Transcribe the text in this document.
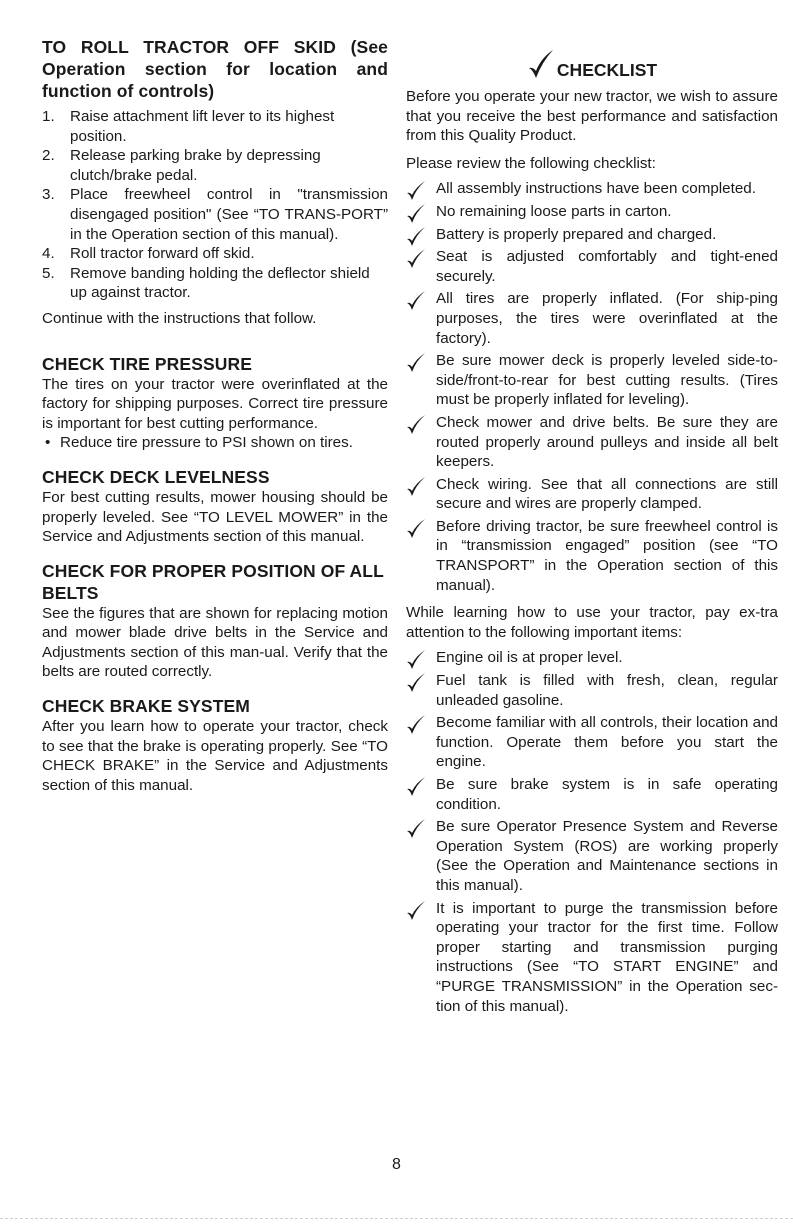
TO ROLL TRACTOR OFF SKID (See Operation section for location and function of controls)
1. Raise attachment lift lever to its highest position.
2. Release parking brake by depressing clutch/brake pedal.
3. Place freewheel control in "transmission disengaged position" (See “TO TRANS-PORT” in the Operation section of this manual).
4. Roll tractor forward off skid.
5. Remove banding holding the deflector shield up against tractor.

Continue with the instructions that follow.

CHECK TIRE PRESSURE

The tires on your tractor were overinflated at the factory for shipping purposes. Correct tire pressure is important for best cutting performance.

• Reduce tire pressure to PSI shown on tires.
CHECK DECK LEVELNESS

For best cutting results, mower housing should be properly leveled. See “TO LEVEL MOWER” in the Service and Adjustments section of this manual.

CHECK FOR PROPER POSITION OF ALL BELTS

See the figures that are shown for replacing motion and mower blade drive belts in the Service and Adjustments section of this man-ual. Verify that the belts are routed correctly.

CHECK BRAKE SYSTEM

After you learn how to operate your tractor, check to see that the brake is operating properly. See “TO CHECK BRAKE” in the Service and Adjustments section of this manual.

CHECKLIST

Before you operate your new tractor, we wish to assure that you receive the best performance and satisfaction from this Quality Product.

Please review the following checklist:

All assembly instructions have been completed.
No remaining loose parts in carton.
Battery is properly prepared and charged.
Seat is adjusted comfortably and tight-ened securely.
All tires are properly inflated. (For ship-ping purposes, the tires were overinflated at the factory).
Be sure mower deck is properly leveled side-to-side/front-to-rear for best cutting results. (Tires must be properly inflated for leveling).
Check mower and drive belts. Be sure they are routed properly around pulleys and inside all belt keepers.
Check wiring. See that all connections are still secure and wires are properly clamped.
Before driving tractor, be sure freewheel control is in “transmission engaged” position (see “TO TRANSPORT” in the Operation section of this manual).

While learning how to use your tractor, pay ex-tra attention to the following important items:

Engine oil is at proper level.
Fuel tank is filled with fresh, clean, regular unleaded gasoline.
Become familiar with all controls, their location and function. Operate them before you start the engine.
Be sure brake system is in safe operating condition.
Be sure Operator Presence System and Reverse Operation System (ROS) are working properly (See the Operation and Maintenance sections in this manual).
It is important to purge the transmission before operating your tractor for the first time. Follow proper starting and transmission purging instructions (See “TO START ENGINE” and “PURGE TRANSMISSION” in the Operation sec-tion of this manual).
8
